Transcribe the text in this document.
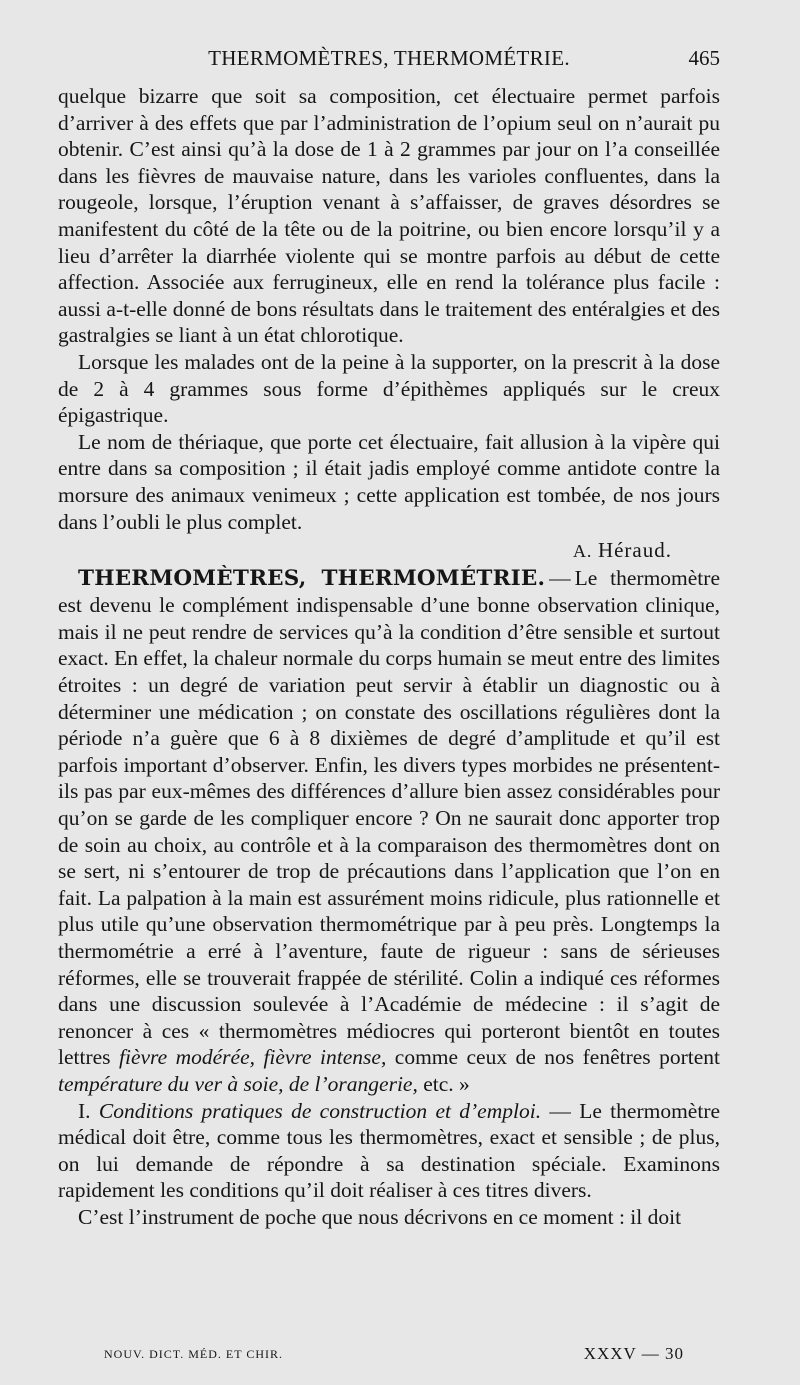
THERMOMÈTRES, THERMOMÉTRIE.	465

quelque bizarre que soit sa composition, cet électuaire permet parfois d’arriver à des effets que par l’administration de l’opium seul on n’aurait pu obtenir. C’est ainsi qu’à la dose de 1 à 2 grammes par jour on l’a conseillée dans les fièvres de mauvaise nature, dans les varioles confluentes, dans la rougeole, lorsque, l’éruption venant à s’affaisser, de graves désordres se manifestent du côté de la tête ou de la poitrine, ou bien encore lorsqu’il y a lieu d’arrêter la diarrhée violente qui se montre parfois au début de cette affection. Associée aux ferrugineux, elle en rend la tolérance plus facile : aussi a-t-elle donné de bons résultats dans le traitement des entéralgies et des gastralgies se liant à un état chlorotique.

Lorsque les malades ont de la peine à la supporter, on la prescrit à la dose de 2 à 4 grammes sous forme d’épithèmes appliqués sur le creux épigastrique.

Le nom de thériaque, que porte cet électuaire, fait allusion à la vipère qui entre dans sa composition ; il était jadis employé comme antidote contre la morsure des animaux venimeux ; cette application est tombée, de nos jours dans l’oubli le plus complet.

A. Héraud.

THERMOMÈTRES, THERMOMÉTRIE. — Le thermomètre est devenu le complément indispensable d’une bonne observation clinique, mais il ne peut rendre de services qu’à la condition d’être sensible et surtout exact. En effet, la chaleur normale du corps humain se meut entre des limites étroites : un degré de variation peut servir à établir un diagnostic ou à déterminer une médication ; on constate des oscillations régulières dont la période n’a guère que 6 à 8 dixièmes de degré d’amplitude et qu’il est parfois important d’observer. Enfin, les divers types morbides ne présentent-ils pas par eux-mêmes des différences d’allure bien assez considérables pour qu’on se garde de les compliquer encore ? On ne saurait donc apporter trop de soin au choix, au contrôle et à la comparaison des thermomètres dont on se sert, ni s’entourer de trop de précautions dans l’application que l’on en fait. La palpation à la main est assurément moins ridicule, plus rationnelle et plus utile qu’une observation thermométrique par à peu près. Longtemps la thermométrie a erré à l’aventure, faute de rigueur : sans de sérieuses réformes, elle se trouverait frappée de stérilité. Colin a indiqué ces réformes dans une discussion soulevée à l’Académie de médecine : il s’agit de renoncer à ces « thermomètres médiocres qui porteront bientôt en toutes lettres fièvre modérée, fièvre intense, comme ceux de nos fenêtres portent température du ver à soie, de l’orangerie, etc. »

I. Conditions pratiques de construction et d’emploi. — Le thermomètre médical doit être, comme tous les thermomètres, exact et sensible ; de plus, on lui demande de répondre à sa destination spéciale. Examinons rapidement les conditions qu’il doit réaliser à ces titres divers.

C’est l’instrument de poche que nous décrivons en ce moment : il doit

NOUV. DICT. MÉD. ET CHIR.	XXXV — 30
